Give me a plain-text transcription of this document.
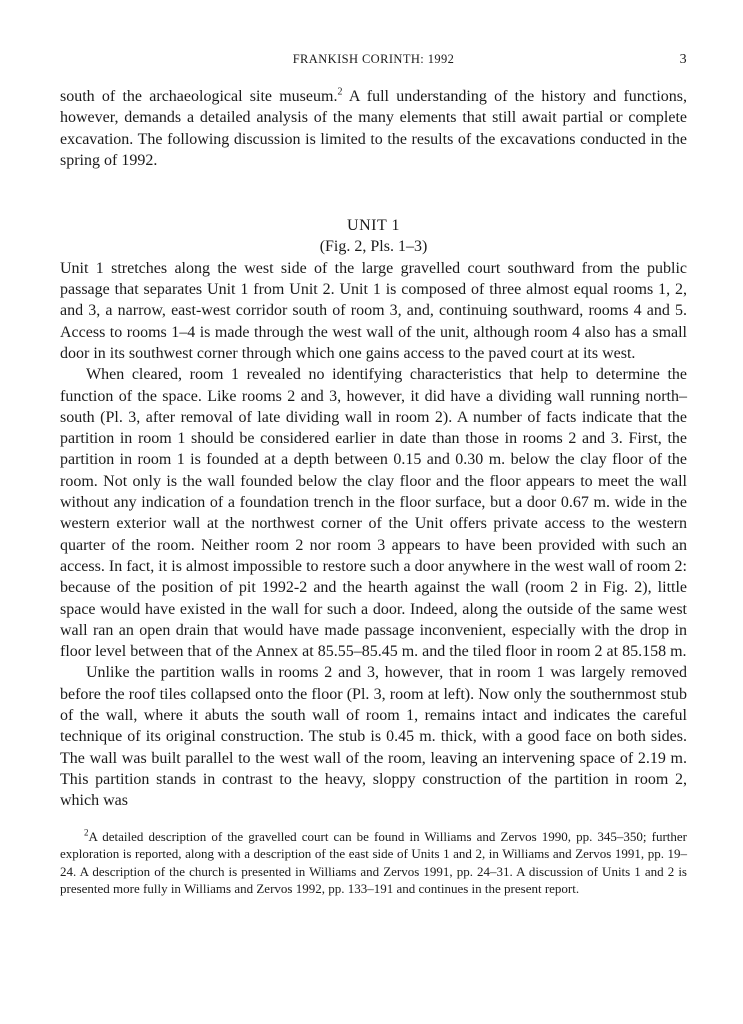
FRANKISH CORINTH: 1992	3

south of the archaeological site museum.$^2$ A full understanding of the history and functions, however, demands a detailed analysis of the many elements that still await partial or complete excavation. The following discussion is limited to the results of the excavations conducted in the spring of 1992.

UNIT 1
(Fig. 2, Pls. 1–3)

Unit 1 stretches along the west side of the large gravelled court southward from the public passage that separates Unit 1 from Unit 2. Unit 1 is composed of three almost equal rooms 1, 2, and 3, a narrow, east-west corridor south of room 3, and, continuing southward, rooms 4 and 5. Access to rooms 1–4 is made through the west wall of the unit, although room 4 also has a small door in its southwest corner through which one gains access to the paved court at its west.

When cleared, room 1 revealed no identifying characteristics that help to determine the function of the space. Like rooms 2 and 3, however, it did have a dividing wall running north–south (Pl. 3, after removal of late dividing wall in room 2). A number of facts indicate that the partition in room 1 should be considered earlier in date than those in rooms 2 and 3. First, the partition in room 1 is founded at a depth between 0.15 and 0.30 m. below the clay floor of the room. Not only is the wall founded below the clay floor and the floor appears to meet the wall without any indication of a foundation trench in the floor surface, but a door 0.67 m. wide in the western exterior wall at the northwest corner of the Unit offers private access to the western quarter of the room. Neither room 2 nor room 3 appears to have been provided with such an access. In fact, it is almost impossible to restore such a door anywhere in the west wall of room 2: because of the position of pit 1992-2 and the hearth against the wall (room 2 in Fig. 2), little space would have existed in the wall for such a door. Indeed, along the outside of the same west wall ran an open drain that would have made passage inconvenient, especially with the drop in floor level between that of the Annex at 85.55–85.45 m. and the tiled floor in room 2 at 85.158 m.

Unlike the partition walls in rooms 2 and 3, however, that in room 1 was largely removed before the roof tiles collapsed onto the floor (Pl. 3, room at left). Now only the southernmost stub of the wall, where it abuts the south wall of room 1, remains intact and indicates the careful technique of its original construction. The stub is 0.45 m. thick, with a good face on both sides. The wall was built parallel to the west wall of the room, leaving an intervening space of 2.19 m. This partition stands in contrast to the heavy, sloppy construction of the partition in room 2, which was

$^2$A detailed description of the gravelled court can be found in Williams and Zervos 1990, pp. 345–350; further exploration is reported, along with a description of the east side of Units 1 and 2, in Williams and Zervos 1991, pp. 19–24. A description of the church is presented in Williams and Zervos 1991, pp. 24–31. A discussion of Units 1 and 2 is presented more fully in Williams and Zervos 1992, pp. 133–191 and continues in the present report.
